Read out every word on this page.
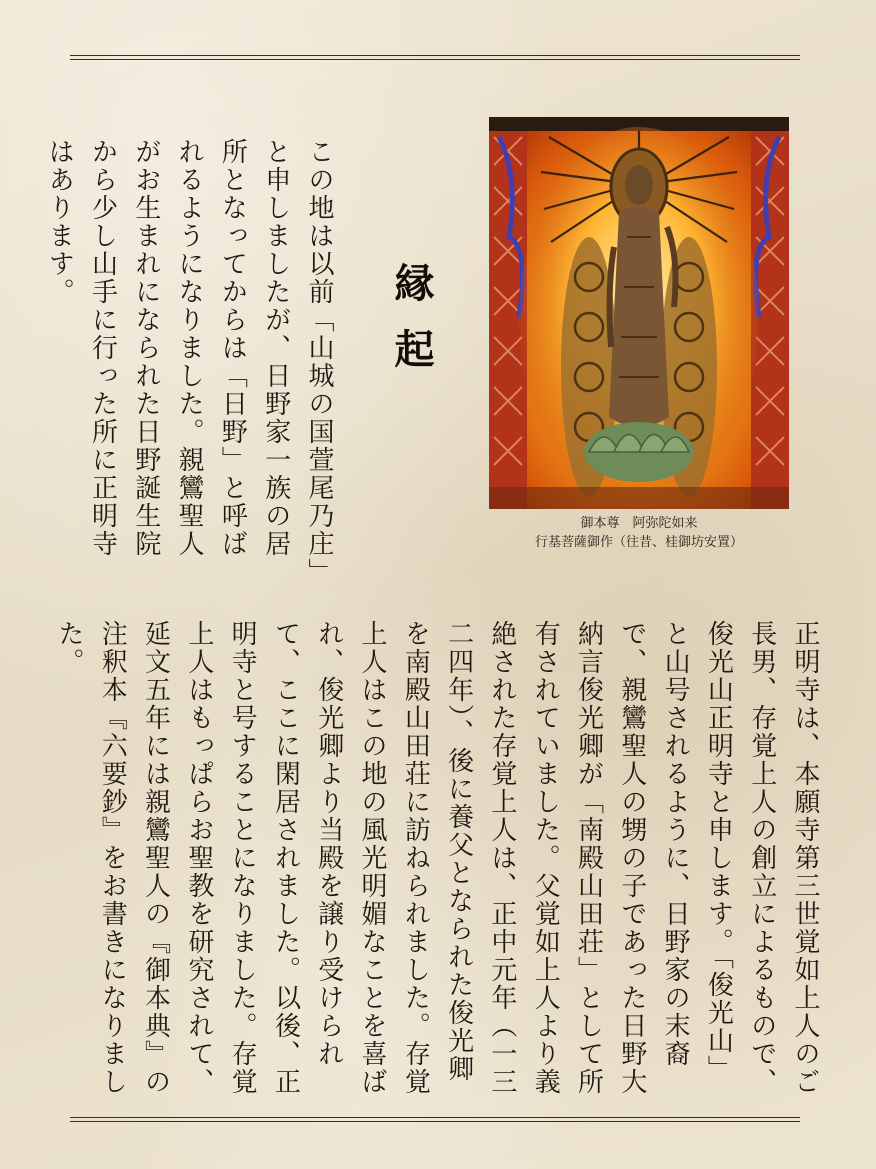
御本尊　阿弥陀如来
行基菩薩御作（往昔、桂御坊安置）
縁起
この地は以前「山城の国萱尾乃庄」と申しましたが、日野家一族の居所となってからは「日野」と呼ばれるようになりました。親鸞聖人がお生まれになられた日野誕生院から少し山手に行った所に正明寺はあります。
正明寺は、本願寺第三世覚如上人のご長男、存覚上人の創立によるもので、俊光山正明寺と申します。「俊光山」と山号されるように、日野家の末裔で、親鸞聖人の甥の子であった日野大納言俊光卿が「南殿山田荘」として所有されていました。父覚如上人より義絶された存覚上人は、正中元年（一三二四年）、後に養父となられた俊光卿を南殿山田荘に訪ねられました。存覚上人はこの地の風光明媚なことを喜ばれ、俊光卿より当殿を譲り受けられて、ここに閑居されました。以後、正明寺と号することになりました。存覚上人はもっぱらお聖教を研究されて、延文五年には親鸞聖人の『御本典』の注釈本『六要鈔』をお書きになりました。
